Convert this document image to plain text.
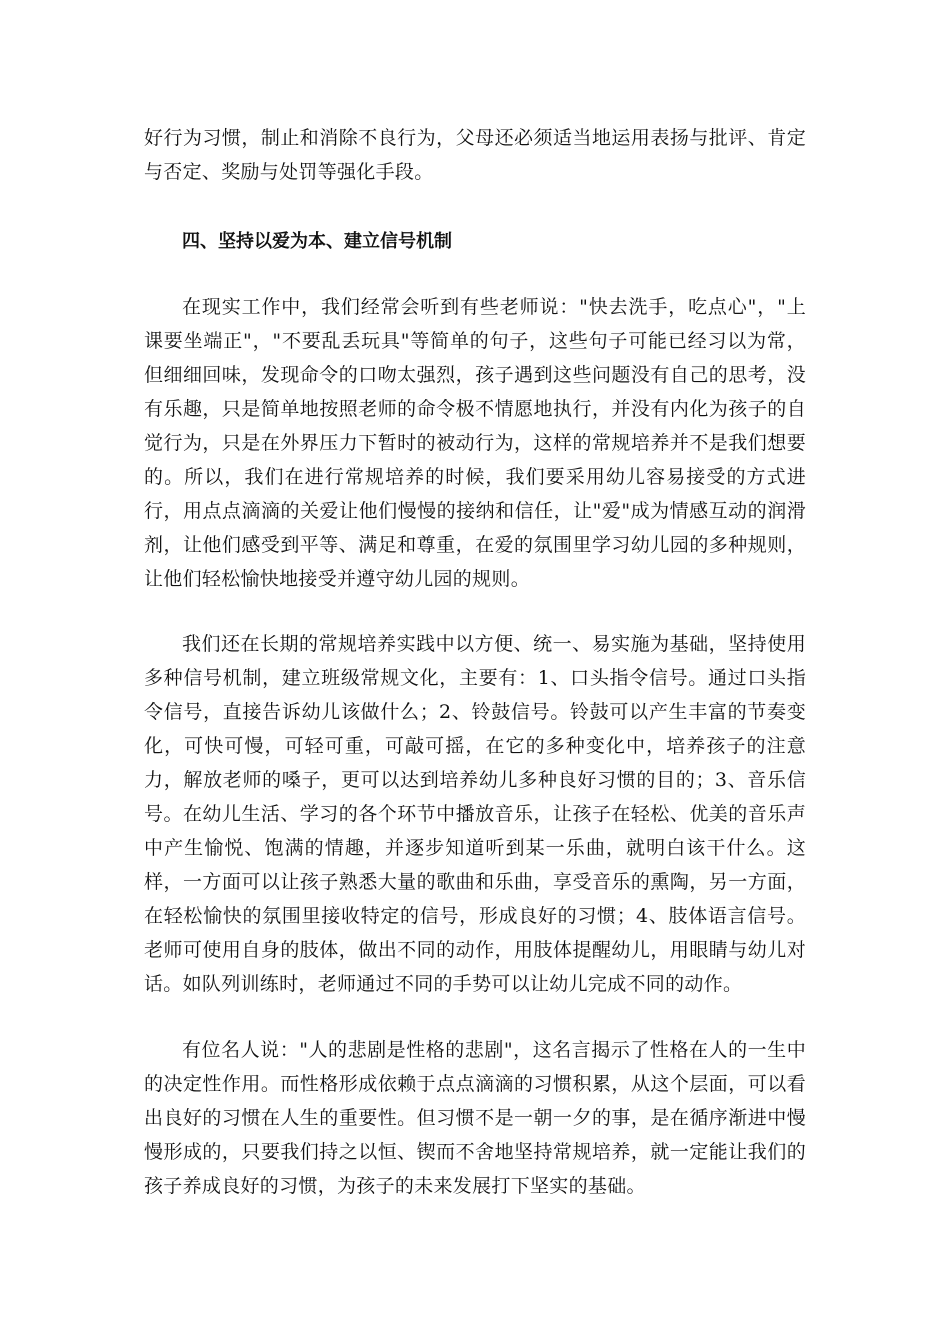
好行为习惯，制止和消除不良行为，父母还必须适当地运用表扬与批评、肯定与否定、奖励与处罚等强化手段。

四、坚持以爱为本、建立信号机制

在现实工作中，我们经常会听到有些老师说："快去洗手，吃点心"，"上课要坐端正"，"不要乱丢玩具"等简单的句子，这些句子可能已经习以为常，但细细回味，发现命令的口吻太强烈，孩子遇到这些问题没有自己的思考，没有乐趣，只是简单地按照老师的命令极不情愿地执行，并没有内化为孩子的自觉行为，只是在外界压力下暂时的被动行为，这样的常规培养并不是我们想要的。所以，我们在进行常规培养的时候，我们要采用幼儿容易接受的方式进行，用点点滴滴的关爱让他们慢慢的接纳和信任，让"爱"成为情感互动的润滑剂，让他们感受到平等、满足和尊重，在爱的氛围里学习幼儿园的多种规则，让他们轻松愉快地接受并遵守幼儿园的规则。

我们还在长期的常规培养实践中以方便、统一、易实施为基础，坚持使用多种信号机制，建立班级常规文化，主要有：1、口头指令信号。通过口头指令信号，直接告诉幼儿该做什么；2、铃鼓信号。铃鼓可以产生丰富的节奏变化，可快可慢，可轻可重，可敲可摇，在它的多种变化中，培养孩子的注意力，解放老师的嗓子，更可以达到培养幼儿多种良好习惯的目的；3、音乐信号。在幼儿生活、学习的各个环节中播放音乐，让孩子在轻松、优美的音乐声中产生愉悦、饱满的情趣，并逐步知道听到某一乐曲，就明白该干什么。这样，一方面可以让孩子熟悉大量的歌曲和乐曲，享受音乐的熏陶，另一方面，在轻松愉快的氛围里接收特定的信号，形成良好的习惯；4、肢体语言信号。老师可使用自身的肢体，做出不同的动作，用肢体提醒幼儿，用眼睛与幼儿对话。如队列训练时，老师通过不同的手势可以让幼儿完成不同的动作。

有位名人说："人的悲剧是性格的悲剧"，这名言揭示了性格在人的一生中的决定性作用。而性格形成依赖于点点滴滴的习惯积累，从这个层面，可以看出良好的习惯在人生的重要性。但习惯不是一朝一夕的事，是在循序渐进中慢慢形成的，只要我们持之以恒、锲而不舍地坚持常规培养，就一定能让我们的孩子养成良好的习惯，为孩子的未来发展打下坚实的基础。
